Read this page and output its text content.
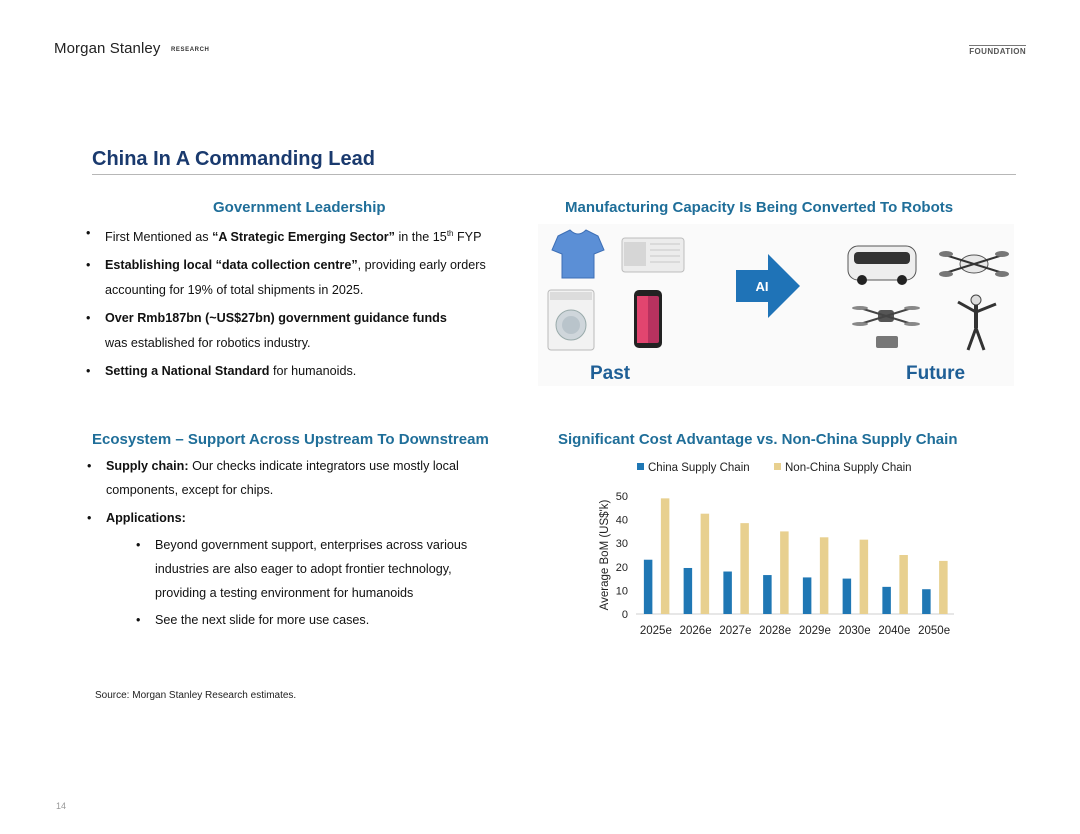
Morgan Stanley RESEARCH	FOUNDATION
China In A Commanding Lead
Government Leadership
• First Mentioned as “A Strategic Emerging Sector” in the 15th FYP
• Establishing local “data collection centre”, providing early orders
accounting for 19% of total shipments in 2025.
• Over Rmb187bn (~US$27bn) government guidance funds
was established for robotics industry.
• Setting a National Standard for humanoids.
Manufacturing Capacity Is Being Converted To Robots
AI
Past	Future
Ecosystem – Support Across Upstream To Downstream
• Supply chain: Our checks indicate integrators use mostly local
components, except for chips.
• Applications:
• Beyond government support, enterprises across various
industries are also eager to adopt frontier technology,
providing a testing environment for humanoids
• See the next slide for more use cases.
Significant Cost Advantage vs. Non-China Supply Chain
China Supply Chain	Non-China Supply Chain
Average BoM (US$'k)
0
10
20
30
40
50
2025e 2026e 2027e 2028e 2029e 2030e 2040e 2050e
Source: Morgan Stanley Research estimates.
14
